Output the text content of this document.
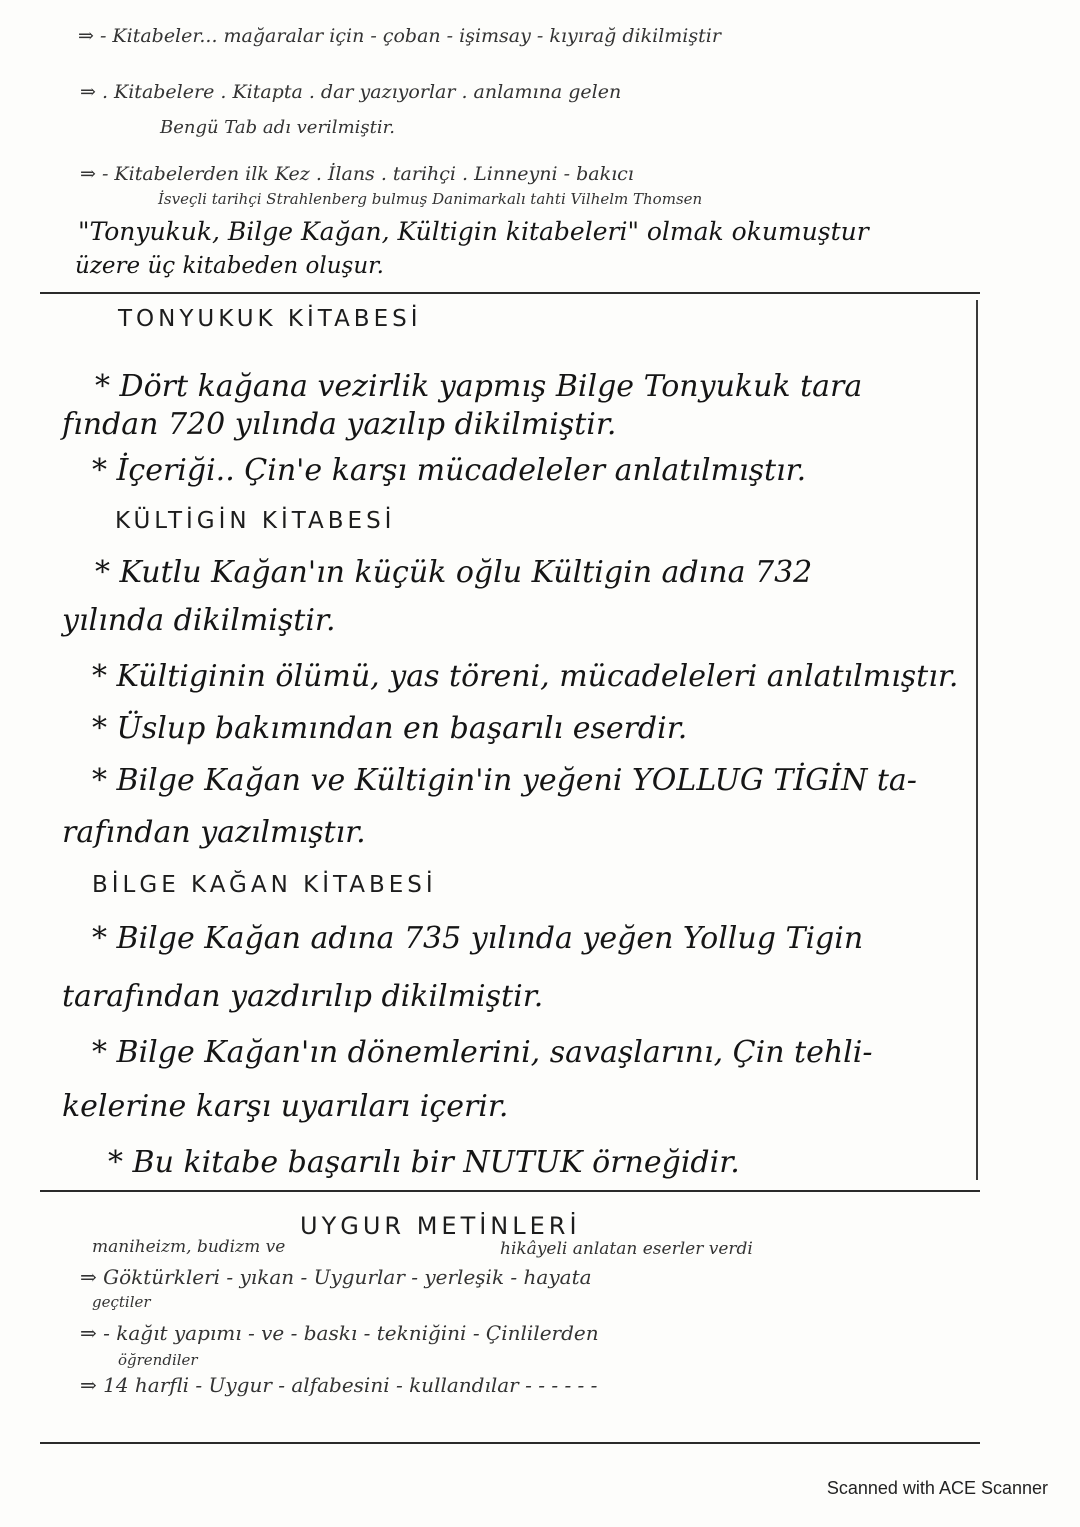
⇒ - Kitabeler... mağaralar için - çoban - işimsay - kıyırağ dikilmiştir
⇒ . Kitabelere . Kitapta . dar yazıyorlar . anlamına gelen
Bengü Tab adı verilmiştir.
⇒ - Kitabelerden ilk Kez . İlans . tarihçi . Linneyni - bakıcı
İsveçli tarihçi Strahlenberg bulmuş Danimarkalı tahti Vilhelm Thomsen
"Tonyukuk, Bilge Kağan, Kültigin kitabeleri" olmak okumuştur
üzere üç kitabeden oluşur.
TONYUKUK KİTABESİ
* Dört kağana vezirlik yapmış Bilge Tonyukuk tara
fından 720 yılında yazılıp dikilmiştir.
* İçeriği.. Çin'e karşı mücadeleler anlatılmıştır.
KÜLTİGİN KİTABESİ
* Kutlu Kağan'ın küçük oğlu Kültigin adına 732
yılında dikilmiştir.
* Kültiginin ölümü, yas töreni, mücadeleleri anlatılmıştır.
* Üslup bakımından en başarılı eserdir.
* Bilge Kağan ve Kültigin'in yeğeni YOLLUG TİGİN ta-
rafından yazılmıştır.
BİLGE KAĞAN KİTABESİ
* Bilge Kağan adına 735 yılında yeğen Yollug Tigin
tarafından yazdırılıp dikilmiştir.
* Bilge Kağan'ın dönemlerini, savaşlarını, Çin tehli-
kelerine karşı uyarıları içerir.
* Bu kitabe başarılı bir NUTUK örneğidir.
UYGUR METİNLERİ
maniheizm, budizm ve	hikâyeli anlatan eserler verdi
⇒ Göktürkleri - yıkan - Uygurlar - yerleşik - hayata
geçtiler
⇒ - kağıt yapımı - ve - baskı - tekniğini - Çinlilerden
öğrendiler
⇒ 14 harfli - Uygur - alfabesini - kullandılar - - - - - -
Scanned with ACE Scanner
